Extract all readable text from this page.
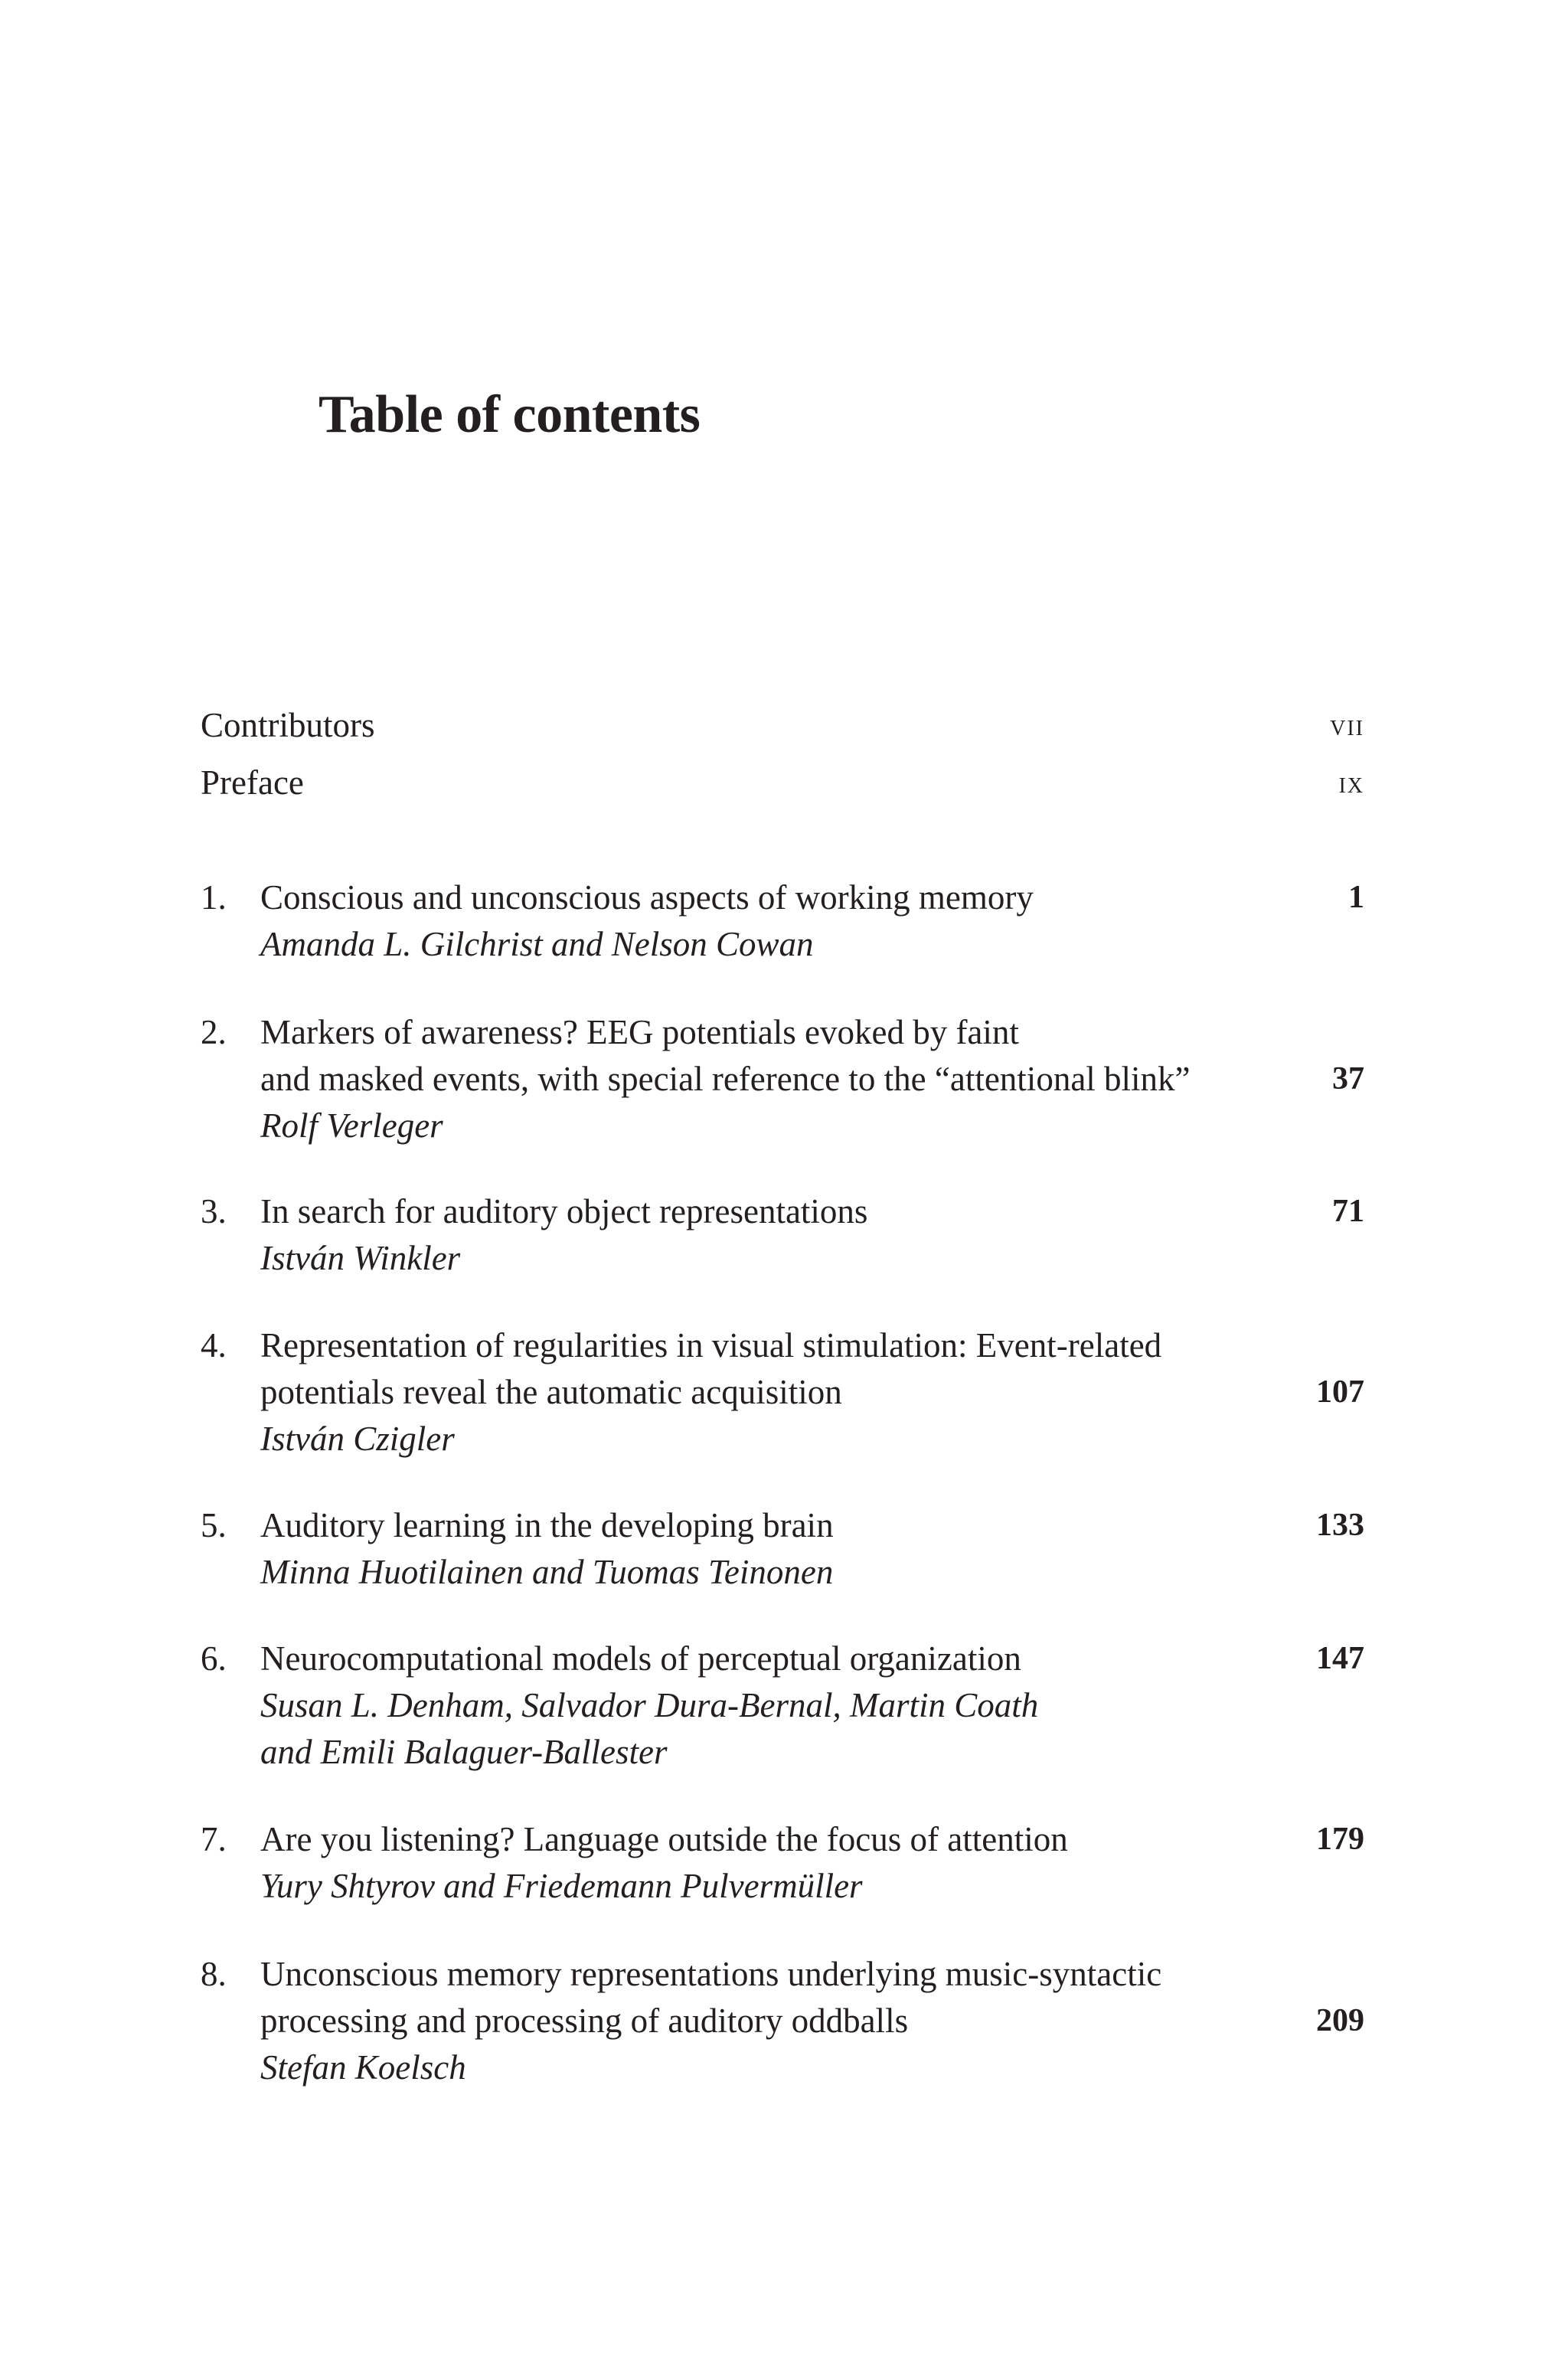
Table of contents
Contributors	vii
Preface	ix
1. Conscious and unconscious aspects of working memory
Amanda L. Gilchrist and Nelson Cowan
1
2. Markers of awareness? EEG potentials evoked by faint
and masked events, with special reference to the “attentional blink”
Rolf Verleger
37
3. In search for auditory object representations
István Winkler
71
4. Representation of regularities in visual stimulation: Event-related
potentials reveal the automatic acquisition
István Czigler
107
5. Auditory learning in the developing brain
Minna Huotilainen and Tuomas Teinonen
133
6. Neurocomputational models of perceptual organization
Susan L. Denham, Salvador Dura-Bernal, Martin Coath
and Emili Balaguer-Ballester
147
7. Are you listening? Language outside the focus of attention
Yury Shtyrov and Friedemann Pulvermüller
179
8. Unconscious memory representations underlying music-syntactic
processing and processing of auditory oddballs
Stefan Koelsch
209
